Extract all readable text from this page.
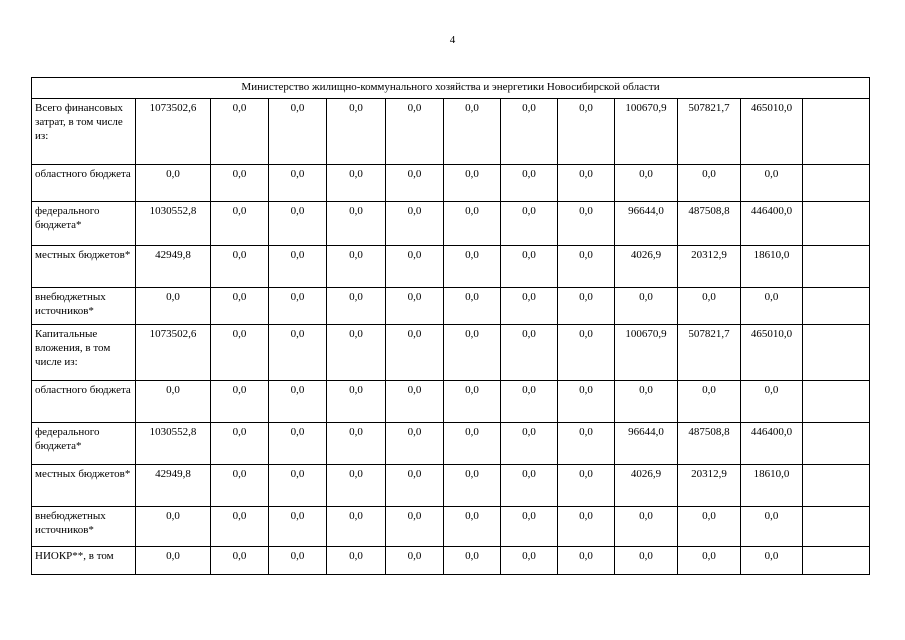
4
Министерство жилищно-коммунального хозяйства и энергетики Новосибирской области												
Всего финансовых затрат, в том числе из:	1073502,6	0,0	0,0	0,0	0,0	0,0	0,0	0,0	100670,9	507821,7	465010,0	
областного бюджета	0,0	0,0	0,0	0,0	0,0	0,0	0,0	0,0	0,0	0,0	0,0	
федерального бюджета*	1030552,8	0,0	0,0	0,0	0,0	0,0	0,0	0,0	96644,0	487508,8	446400,0	
местных бюджетов*	42949,8	0,0	0,0	0,0	0,0	0,0	0,0	0,0	4026,9	20312,9	18610,0	
внебюджетных источников*	0,0	0,0	0,0	0,0	0,0	0,0	0,0	0,0	0,0	0,0	0,0	
Капитальные вложения, в том числе из:	1073502,6	0,0	0,0	0,0	0,0	0,0	0,0	0,0	100670,9	507821,7	465010,0	
областного бюджета	0,0	0,0	0,0	0,0	0,0	0,0	0,0	0,0	0,0	0,0	0,0	
федерального бюджета*	1030552,8	0,0	0,0	0,0	0,0	0,0	0,0	0,0	96644,0	487508,8	446400,0	
местных бюджетов*	42949,8	0,0	0,0	0,0	0,0	0,0	0,0	0,0	4026,9	20312,9	18610,0	
внебюджетных источников*	0,0	0,0	0,0	0,0	0,0	0,0	0,0	0,0	0,0	0,0	0,0	
НИОКР**, в том	0,0	0,0	0,0	0,0	0,0	0,0	0,0	0,0	0,0	0,0	0,0	
